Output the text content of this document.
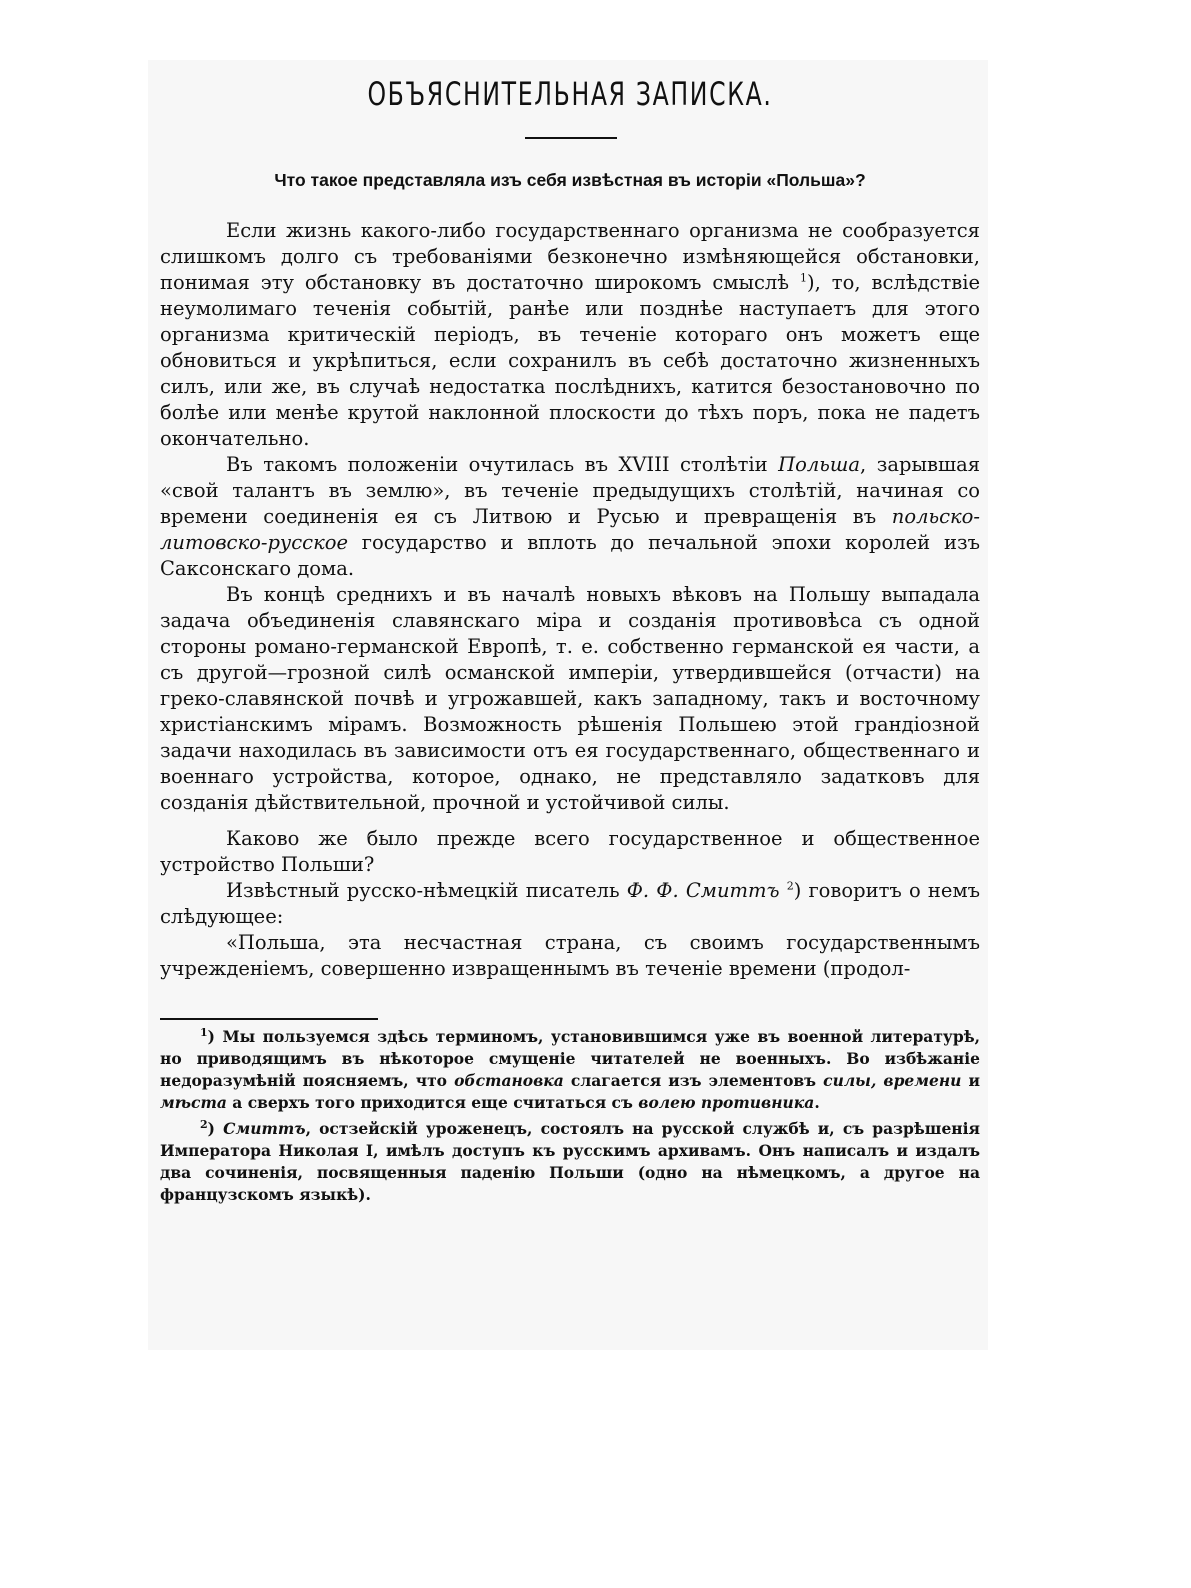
ОБЪЯСНИТЕЛЬНАЯ ЗАПИСКА.
Что такое представляла изъ себя извѣстная въ исторіи «Польша»?

Если жизнь какого-либо государственнаго организма не сообразуется слишкомъ долго съ требованіями безконечно измѣняющейся обстановки, понимая эту обстановку въ достаточно широкомъ смыслѣ $^1$), то, вслѣдствіе неумолимаго теченія событій, ранѣе или позднѣе наступаетъ для этого организма критическій періодъ, въ теченіе котораго онъ можетъ еще обновиться и укрѣпиться, если сохранилъ въ себѣ достаточно жизненныхъ силъ, или же, въ случаѣ недостатка послѣднихъ, катится безостановочно по болѣе или менѣе крутой наклонной плоскости до тѣхъ поръ, пока не падетъ окончательно.

Въ такомъ положеніи очутилась въ XVIII столѣтіи Польша, зарывшая «свой талантъ въ землю», въ теченіе предыдущихъ столѣтій, начиная со времени соединенія ея съ Литвою и Русью и превращенія въ польско-литовско-русское государство и вплоть до печальной эпохи королей изъ Саксонскаго дома.

Въ концѣ среднихъ и въ началѣ новыхъ вѣковъ на Польшу выпадала задача объединенія славянскаго міра и созданія противовѣса съ одной стороны романо-германской Европѣ, т. е. собственно германской ея части, а съ другой—грозной силѣ османской имперіи, утвердившейся (отчасти) на греко-славянской почвѣ и угрожавшей, какъ западному, такъ и восточному христіанскимъ мірамъ. Возможность рѣшенія Польшею этой грандіозной задачи находилась въ зависимости отъ ея государственнаго, общественнаго и военнаго устройства, которое, однако, не представляло задатковъ для созданія дѣйствительной, прочной и устойчивой силы.

Каково же было прежде всего государственное и общественное устройство Польши?

Извѣстный русско-нѣмецкій писатель Ф. Ф. Смиттъ $^2$) говоритъ о немъ слѣдующее:

«Польша, эта несчастная страна, съ своимъ государственнымъ учрежденіемъ, совершенно извращеннымъ въ теченіе времени (продол-

$^1$) Мы пользуемся здѣсь терминомъ, установившимся уже въ военной литературѣ, но приводящимъ въ нѣкоторое смущеніе читателей не военныхъ. Во избѣжаніе недоразумѣній поясняемъ, что обстановка слагается изъ элементовъ силы, времени и мѣста а сверхъ того приходится еще считаться съ волею противника.

$^2$) Смиттъ, остзейскій уроженецъ, состоялъ на русской службѣ и, съ разрѣшенія Императора Николая I, имѣлъ доступъ къ русскимъ архивамъ. Онъ написалъ и издалъ два сочиненія, посвященныя паденію Польши (одно на нѣмецкомъ, а другое на французскомъ языкѣ).
